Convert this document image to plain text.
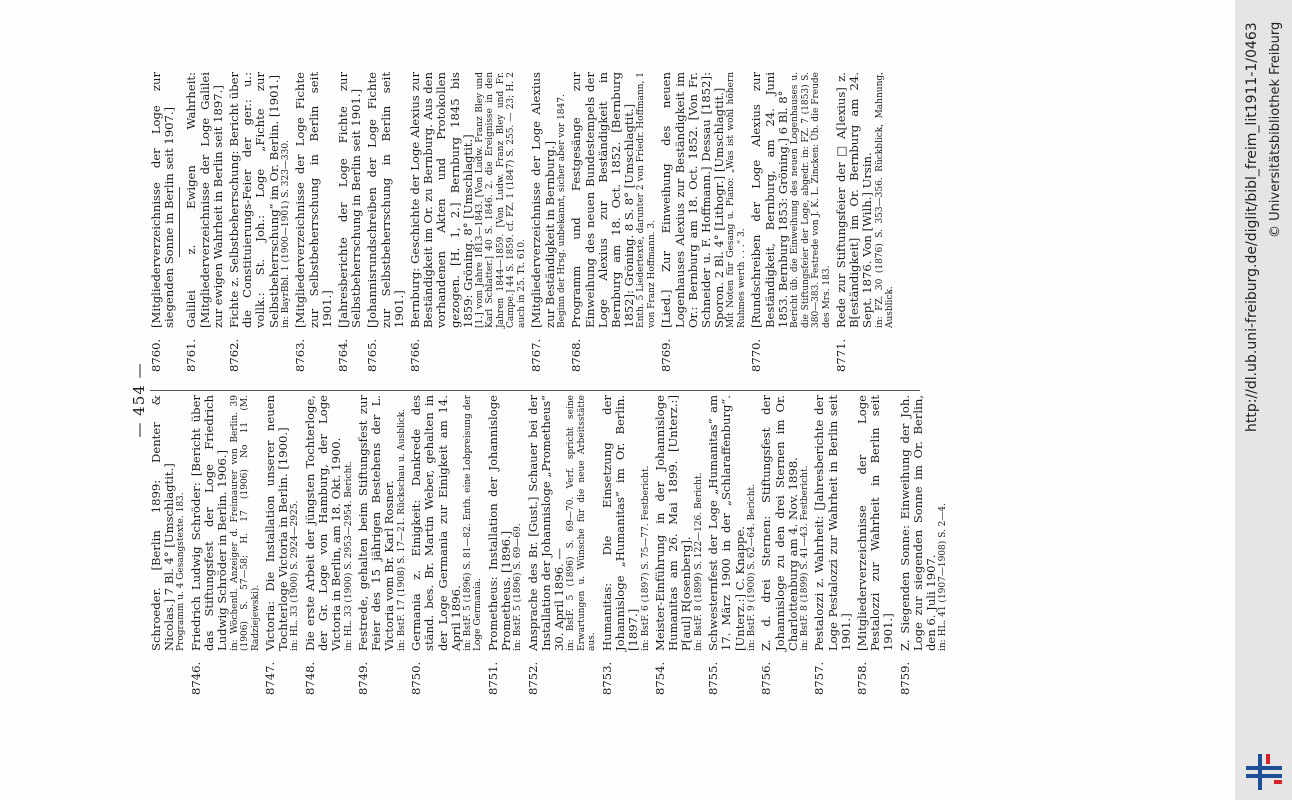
— 454 — Schroeder. [Berlin 1899: Denter & Nicolas.] 7 Bl. 4° [Umschlagtit.] Programm u. 4 Gesangstexte. 183.
8746.
Friedrich Ludwig Schröder: [Bericht über das Stiftungsfest der Loge Friedrich Ludwig Schröder in Berlin. 1906.] in: Wöchentl. Anzeiger d. Freimaurer von Berlin. 39 (1906) S. 57—58; H. 17 (1906) No 11 (M. Radziejewski).
8747.
Victoria: Die Installation unserer neuen Tochterloge Victoria in Berlin. [1900.] in: HL. 33 (1900) S. 2924—2925.
8748.
Die erste Arbeit der jüngsten Tochterloge, der Gr. Loge von Hamburg, der Loge Victoria in Berlin, am 18. Okt. 1900. in: HL. 33 (1900) S. 2953—2954. Bericht.
8749.
Festrede, gehalten beim Stiftungsfest zur Feier des 15 jährigen Bestehens der L. Victoria vom Br. Karl Rosner. in: BstF. 17 (1908) S. 17—21. Rückschau u. Ausblick.
8750.
Germania z. Einigkeit: Dankrede des ständ. bes. Br. Martin Weber, gehalten in der Loge Germania zur Einigkeit am 14. April 1896. in: BstF. 5 (1896) S. 81—82. Enth. eine Lobpreisung der Loge Germania.
8751.
Prometheus: Installation der Johannisloge Prometheus. [1896.] in: BstF. 5 (1896) S. 69—69.
8752.
Ansprache des Br. [Gust.] Schauer bei der Installation der Johannisloge „Prometheus“ 30. April 1896. — in: BstF. 5 (1896) S. 69—70. Verf. spricht seine Erwartungen u. Wünsche für die neue Arbeitsstätte aus.
8753.
Humanitas: Die Einsetzung der Johannisloge „Humanitas“ im Or. Berlin. [1897.] in: BstF. 6 (1897) S. 75—77. Festbericht.
8754.
Meister-Einführung in der Johannisloge Humanitas am 26. Mai 1899. [Unterz.:] P[aul] R[osenberg]. in: BstF. 8 (1899) S. 122—126. Bericht.
8755.
Schwesternfest der Loge „Humanitas“ am 17. März 1900 in der „Schlaraffenburg“. [Unterz.:] C. Knappe. in: BstF. 9 (1900) S. 62—64. Bericht.
8756.
Z. d. drei Sternen: Stiftungsfest der Johannisloge zu den drei Sternen im Or. Charlottenburg am 4. Nov. 1898. in: BstF. 8 (1899) S. 41—43. Festbericht.
8757.
Pestalozzi z. Wahrheit: [Jahresberichte der Loge Pestalozzi zur Wahrheit in Berlin seit 1901.]
8758.
[Mitgliederverzeichnisse der Loge Pestalozzi zur Wahrheit in Berlin seit 1901.]
8759.
Z. Siegenden Sonne: Einweihung der Joh. Loge zur siegenden Sonne im Or. Berlin, den 6. Juli 1907. in: HL. 41 (1907—1908) S. 2—4.
8760.
[Mitgliederverzeichnisse der Loge zur siegenden Sonne in Berlin seit 1907.]
8761.
Galilei z. Ewigen Wahrheit: [Mitgliederverzeichnisse der Loge Galilei zur ewigen Wahrheit in Berlin seit 1897.]
8762.
Fichte z. Selbstbeherrschung: Bericht über die Constituierungs-Feier der ger.: u.: vollk.: St. Joh.: Loge „Fichte zur Selbstbeherrschung“ im Or. Berlin. [1901.] in: BayrBbl. 1 (1900—1901) S. 323—330.
8763.
[Mitgliederverzeichnisse der Loge Fichte zur Selbstbeherrschung in Berlin seit 1901.]
8764.
[Jahresberichte der Loge Fichte zur Selbstbeherrschung in Berlin seit 1901.]
8765.
[Johannisrundschreiben der Loge Fichte zur Selbstbeherrschung in Berlin seit 1901.]
8766.
Bernburg: Geschichte der Loge Alexius zur Beständigkeit im Or. zu Bernburg. Aus den vorhandenen Akten und Protokollen gezogen. [H. 1, 2.] Bernburg 1845 bis 1859: Gröning. 8° [Umschlagtit.] [1.] vom Jahre 1813—1843. [Von Ludw. Franz Bley und Karl Schlatter.] 40 S. 1846. 2. die Ereignisse in den Jahren 1844—1859. [Von Ludw. Franz Bley und Fr. Campe.] 44 S. 1859. cf. FZ. 1 (1847) S. 255. — 23; H. 2 auch in 25. Tt. 610.
8767.
[Mitgliederverzeichnisse der Loge Alexius zur Beständigkeit in Bernburg.] Beginn der Hrsg. unbekannt, sicher aber vor 1847.
8768.
Programm und Festgesänge zur Einweihung des neuen Bundestempels der Loge Alexius zur Beständigkeit in Bernburg am 18. Oct. 1852. [Bernburg 1852]: Gröning. 8 S. 8° [Umschlagtit.] Enth. 5 Liedertexte, darunter 2 von Friedr. Hoffmann, 1 von Franz Hoffmann. 3.
8769.
[Lied.] Zur Einweihung des neuen Logenhauses Alexius zur Beständigkeit im Or.: Bernburg am 18. Oct. 1852. [Von Fr. Schneider u. F. Hoffmann.] Dessau [1852]: Sporon. 2 Bl. 4° [Lithogr.] [Umschlagtit.] Mit Noten für Gesang u. Piano: „Was ist wohl höhern Ruhmes werth . . .“ 3.
8770.
[Rundschreiben der Loge Alexius zur Beständigkeit, Bernburg, am 24. Juni 1853. Bernburg 1853: Gröning.] 6 Bl. 8° Bericht üb. die Einweihung des neuen Logenhauses u. die Stiftungsfeier der Loge, abgedr. in: FZ. 7 (1853) S. 380—383. Festrede von J. K. L. Zincken: Üb. die Freude des Mrs. 183.
8771.
Rede zur Stiftungsfeier der □ A[lexius] z. B[eständigkeit] im Or. Bernburg am 24. Sept. 1876. Von [Wilh.] Ursin. in: FZ. 30 (1876) S. 353—356. Rückblick, Mahnung, Ausblick.	http://dl.ub.uni-freiburg.de/diglit/bibl_freim_lit1911-1/0463 © Universitätsbibliothek Freiburg
